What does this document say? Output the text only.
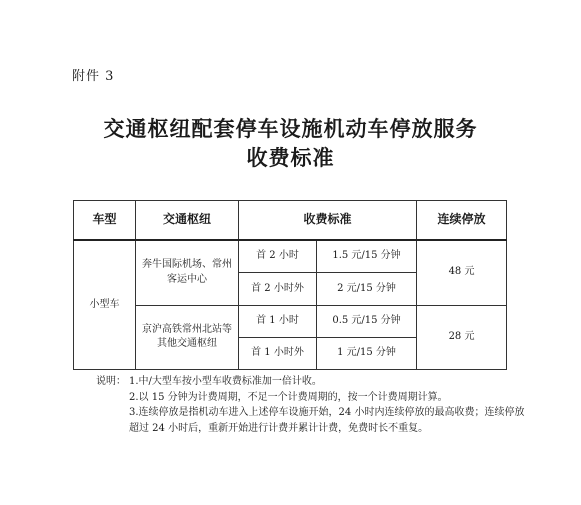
附件 3
交通枢纽配套停车设施机动车停放服务
收费标准
车型	交通枢纽	收费标准		连续停放
小型车	奔牛国际机场、常州客运中心	首 2 小时	1.5 元/15 分钟	48 元
		首 2 小时外	2 元/15 分钟	

	京沪高铁常州北站等其他交通枢纽	首 1 小时	0.5 元/15 分钟	28 元
		首 1 小时外	1 元/15 分钟	
说明： 1.中/大型车按小型车收费标准加一倍计收。
2.以 15 分钟为计费周期，不足一个计费周期的，按一个计费周期计算。
3.连续停放是指机动车进入上述停车设施开始，24 小时内连续停放的最高收费；连续停放超过 24 小时后，重新开始进行计费并累计计费，免费时长不重复。
